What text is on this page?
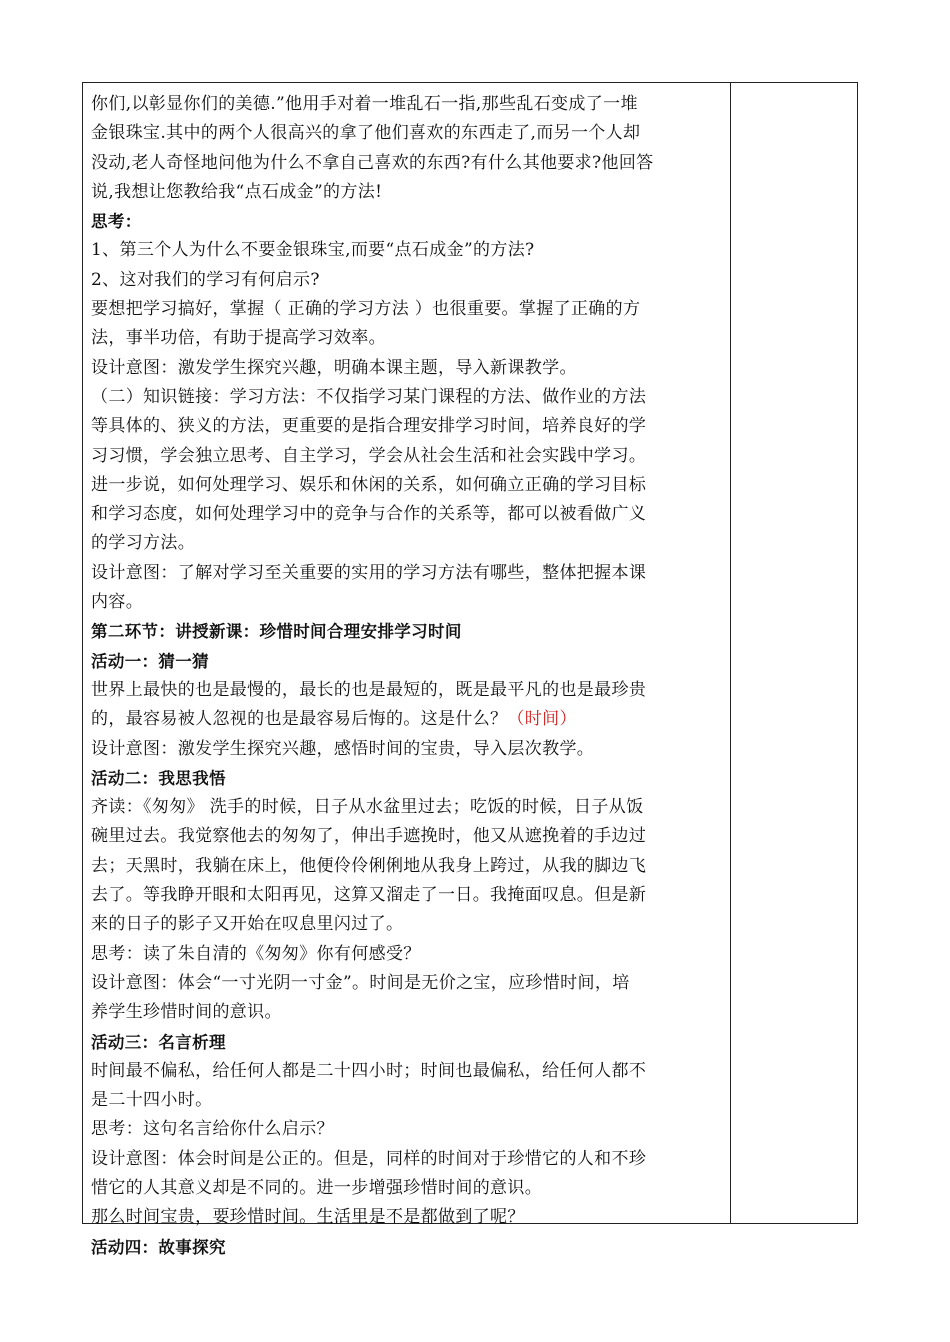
你们,以彰显你们的美德.”他用手对着一堆乱石一指,那些乱石变成了一堆
金银珠宝.其中的两个人很高兴的拿了他们喜欢的东西走了,而另一个人却
没动,老人奇怪地问他为什么不拿自己喜欢的东西?有什么其他要求?他回答
说,我想让您教给我“点石成金”的方法!
思考：
1、第三个人为什么不要金银珠宝,而要“点石成金”的方法?
2、这对我们的学习有何启示?
要想把学习搞好，掌握（ 正确的学习方法 ）也很重要。掌握了正确的方
法，事半功倍，有助于提高学习效率。
设计意图：激发学生探究兴趣，明确本课主题，导入新课教学。
（二）知识链接：学习方法：不仅指学习某门课程的方法、做作业的方法
等具体的、狭义的方法，更重要的是指合理安排学习时间，培养良好的学
习习惯，学会独立思考、自主学习，学会从社会生活和社会实践中学习。
进一步说，如何处理学习、娱乐和休闲的关系，如何确立正确的学习目标
和学习态度，如何处理学习中的竞争与合作的关系等，都可以被看做广义
的学习方法。
设计意图：了解对学习至关重要的实用的学习方法有哪些，整体把握本课
内容。
第二环节：讲授新课：珍惜时间合理安排学习时间
活动一：猜一猜
世界上最快的也是最慢的，最长的也是最短的，既是最平凡的也是最珍贵
的，最容易被人忽视的也是最容易后悔的。这是什么？（时间）
设计意图：激发学生探究兴趣，感悟时间的宝贵，导入层次教学。
活动二：我思我悟
齐读：《匆匆》 洗手的时候，日子从水盆里过去；吃饭的时候，日子从饭
碗里过去。我觉察他去的匆匆了，伸出手遮挽时，他又从遮挽着的手边过
去；天黑时，我躺在床上，他便伶伶俐俐地从我身上跨过，从我的脚边飞
去了。等我睁开眼和太阳再见，这算又溜走了一日。我掩面叹息。但是新
来的日子的影子又开始在叹息里闪过了。
思考：读了朱自清的《匆匆》你有何感受？
设计意图：体会“一寸光阴一寸金”。时间是无价之宝，应珍惜时间，培
养学生珍惜时间的意识。
活动三：名言析理
时间最不偏私，给任何人都是二十四小时；时间也最偏私，给任何人都不
是二十四小时。
思考：这句名言给你什么启示？
设计意图：体会时间是公正的。但是，同样的时间对于珍惜它的人和不珍
惜它的人其意义却是不同的。进一步增强珍惜时间的意识。
那么时间宝贵，要珍惜时间。生活里是不是都做到了呢？
活动四：故事探究
